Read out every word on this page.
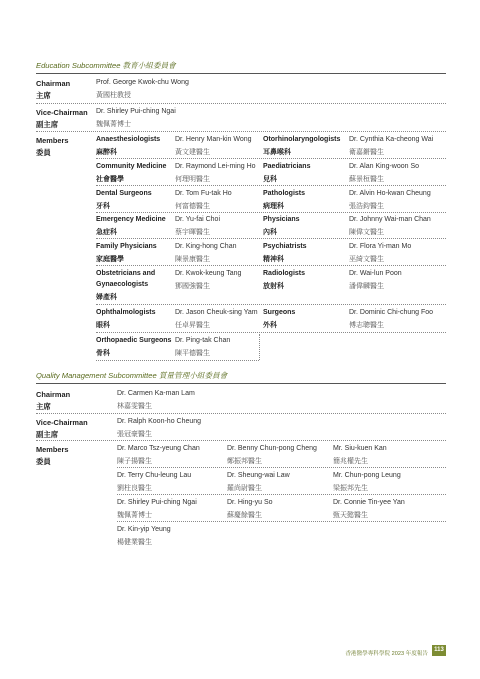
Education Subcommittee 教育小組委員會
Chairman
主席
Prof. George Kwok-chu Wong
黃國柱教授
Vice-Chairman
副主席
Dr. Shirley Pui-ching Ngai
魏佩菁博士
Members
委員
Anaesthesiologists
麻醉科
Dr. Henry Man-kin Wong
黃文建醫生
Otorhinolaryngologists
耳鼻喉科
Dr. Cynthia Ka-cheong Wai
衛嘉鏘醫生
Community Medicine
社會醫學
Dr. Raymond Lei-ming Ho
何理明醫生
Paediatricians
兒科
Dr. Alan King-woon So
蘇景桓醫生
Dental Surgeons
牙科
Dr. Tom Fu-tak Ho
何富德醫生
Pathologists
病理科
Dr. Alvin Ho-kwan Cheung
張浩鈞醫生
Emergency Medicine
急症科
Dr. Yu-fai Choi
蔡宇暉醫生
Physicians
內科
Dr. Johnny Wai-man Chan
陳偉文醫生
Family Physicians
家庭醫學
Dr. King-hong Chan
陳景康醫生
Psychiatrists
精神科
Dr. Flora Yi-man Mo
巫綺文醫生
Obstetricians and
Gynaecologists
婦產科
Dr. Kwok-keung Tang
鄧國強醫生
Radiologists
放射科
Dr. Wai-lun Poon
潘偉麟醫生
Ophthalmologists
眼科
Dr. Jason Cheuk-sing Yam
任卓昇醫生
Surgeons
外科
Dr. Dominic Chi-chung Foo
傅志聰醫生
Orthopaedic Surgeons
骨科
Dr. Ping-tak Chan
陳平德醫生
Quality Management Subcommittee 質量管理小組委員會
Chairman
主席
Dr. Carmen Ka-man Lam
林嘉雯醫生
Vice-Chairman
副主席
Dr. Ralph Koon-ho Cheung
張冠豪醫生
Members
委員
Dr. Marco Tsz-yeung Chan
陳子揚醫生
Dr. Benny Chun-pong Cheng
鄭振邦醫生
Mr. Siu-kuen Kan
簡兆權先生
Dr. Terry Chu-leung Lau
劉柱良醫生
Dr. Sheung-wai Law
羅尚尉醫生
Mr. Chun-pong Leung
梁振邦先生
Dr. Shirley Pui-ching Ngai
魏佩菁博士
Dr. Hing-yu So
蘇慶餘醫生
Dr. Connie Tin-yee Yan
甄天懿醫生
Dr. Kin-yip Yeung
楊健業醫生
香港醫學專科學院 2023 年度報告
113
